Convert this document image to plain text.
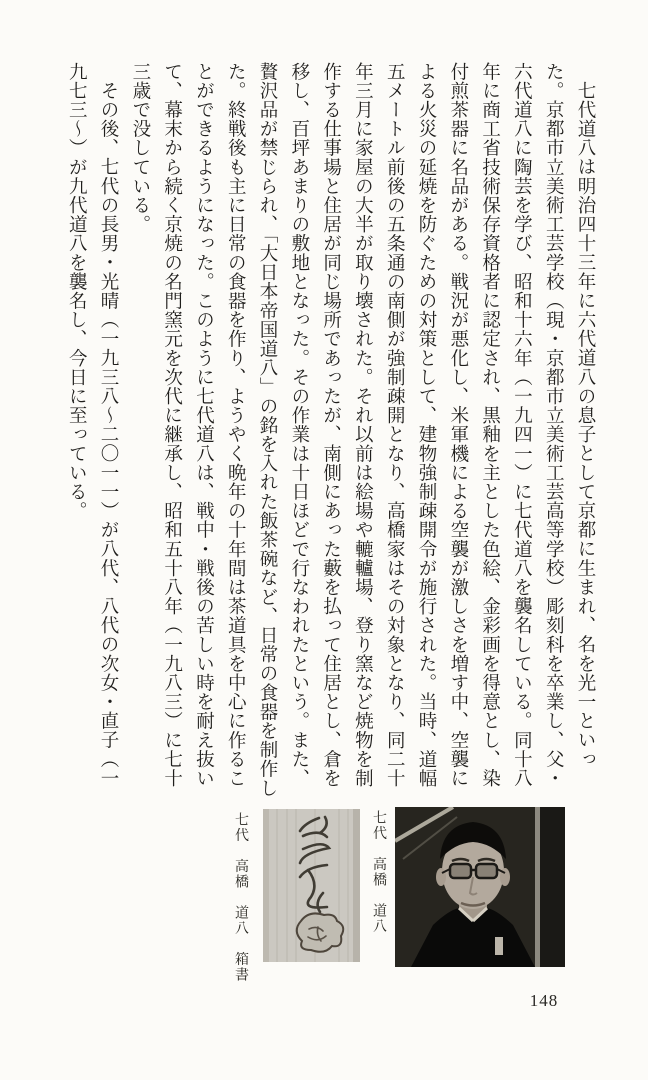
七代道八は明治四十三年に六代道八の息子として京都に生まれ、名を光一といった。京都市立美術工芸学校（現・京都市立美術工芸高等学校）彫刻科を卒業し、父・六代道八に陶芸を学び、昭和十六年（一九四一）に七代道八を襲名している。同十八年に商工省技術保存資格者に認定され、黒釉を主とした色絵、金彩画を得意とし、染付煎茶器に名品がある。戦況が悪化し、米軍機による空襲が激しさを増す中、空襲による火災の延焼を防ぐための対策として、建物強制疎開令が施行された。当時、道幅五メートル前後の五条通の南側が強制疎開となり、高橋家はその対象となり、同二十年三月に家屋の大半が取り壊された。それ以前は絵場や轆轤場、登り窯など焼物を制作する仕事場と住居が同じ場所であったが、南側にあった藪を払って住居とし、倉を移し、百坪あまりの敷地となった。その作業は十日ほどで行なわれたという。また、贅沢品が禁じられ、「大日本帝国道八」の銘を入れた飯茶碗など、日常の食器を制作した。終戦後も主に日常の食器を作り、ようやく晩年の十年間は茶道具を中心に作ることができるようになった。このように七代道八は、戦中・戦後の苦しい時を耐え抜いて、幕末から続く京焼の名門窯元を次代に継承し、昭和五十八年（一九八三）に七十三歳で没している。

その後、七代の長男・光晴（一九三八～二〇一一）が八代、八代の次女・直子（一九七三～）が九代道八を襲名し、今日に至っている。

七代　高橋　道八
七代　高橋　道八　箱書
148
